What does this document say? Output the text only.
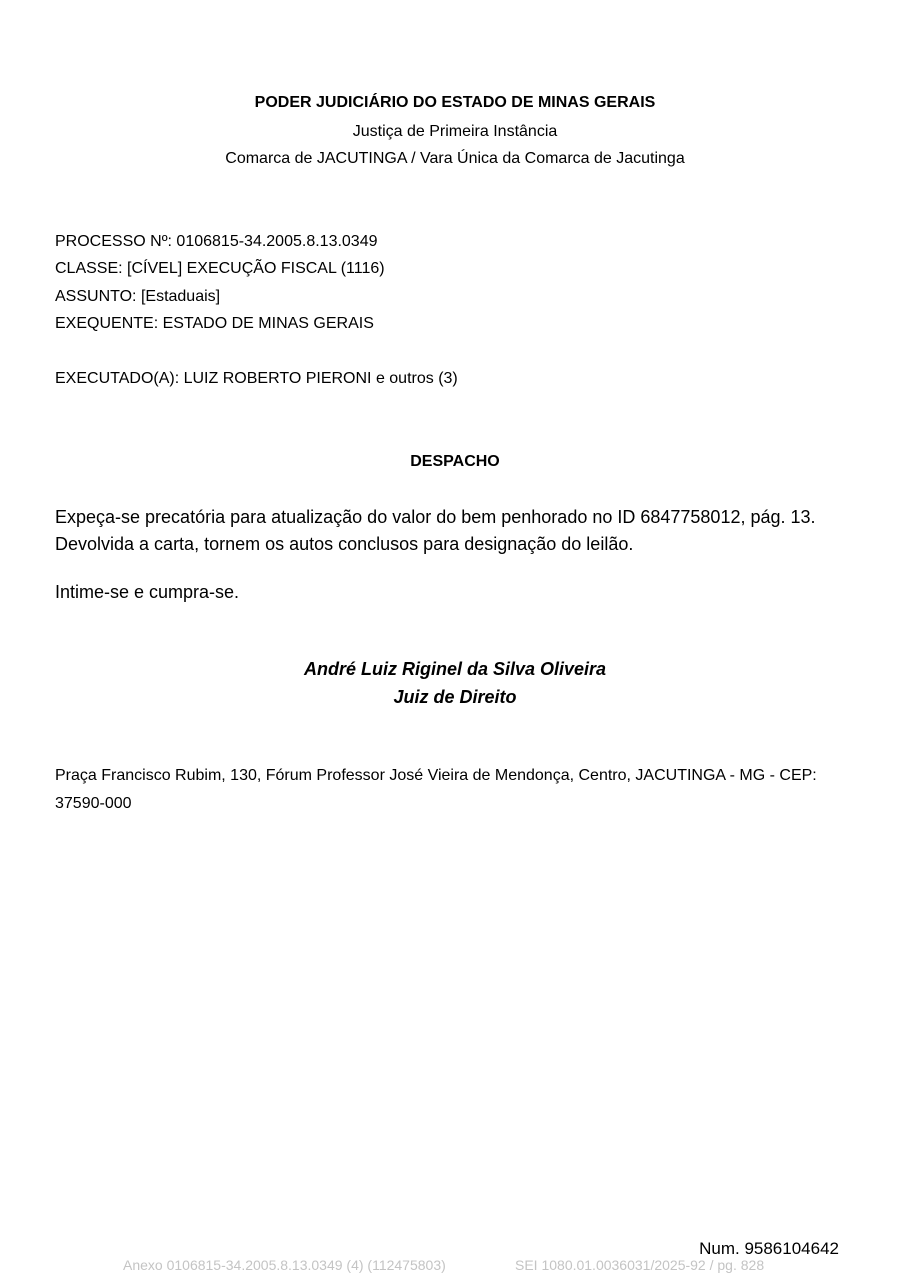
PODER JUDICIÁRIO DO ESTADO DE MINAS GERAIS
Justiça de Primeira Instância
Comarca de JACUTINGA / Vara Única da Comarca de Jacutinga
PROCESSO Nº: 0106815-34.2005.8.13.0349
CLASSE: [CÍVEL] EXECUÇÃO FISCAL (1116)
ASSUNTO: [Estaduais]
EXEQUENTE: ESTADO DE MINAS GERAIS
EXECUTADO(A): LUIZ ROBERTO PIERONI e outros (3)
DESPACHO
Expeça-se precatória para atualização do valor do bem penhorado no ID 6847758012, pág. 13. Devolvida a carta, tornem os autos conclusos para designação do leilão.
Intime-se e cumpra-se.
André Luiz Riginel da Silva Oliveira
Juiz de Direito
Praça Francisco Rubim, 130, Fórum Professor José Vieira de Mendonça, Centro, JACUTINGA - MG - CEP: 37590-000
Num. 9586104642
Anexo 0106815-34.2005.8.13.0349 (4) (112475803)	SEI 1080.01.0036031/2025-92 / pg. 828
